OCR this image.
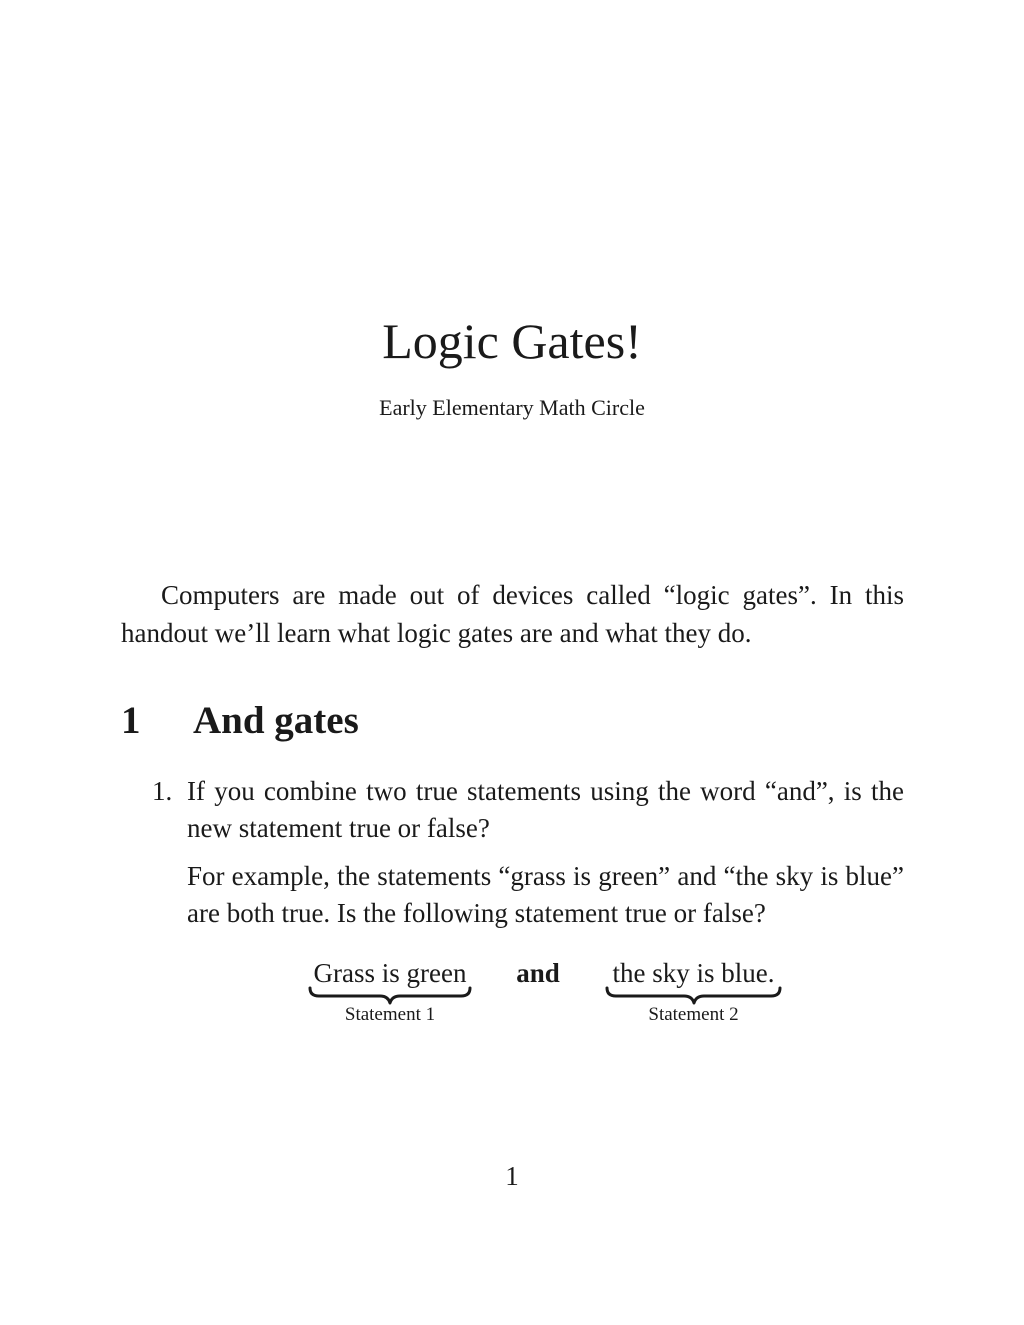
Logic Gates!
Early Elementary Math Circle

Computers are made out of devices called “logic gates”. In this handout we’ll learn what logic gates are and what they do.

1 And gates
1. If you combine two true statements using the word “and”, is the new statement true or false?

For example, the statements “grass is green” and “the sky is blue” are both true. Is the following statement true or false?

Grass is green	and	the sky is blue.
Statement 1	Statement 2
1
